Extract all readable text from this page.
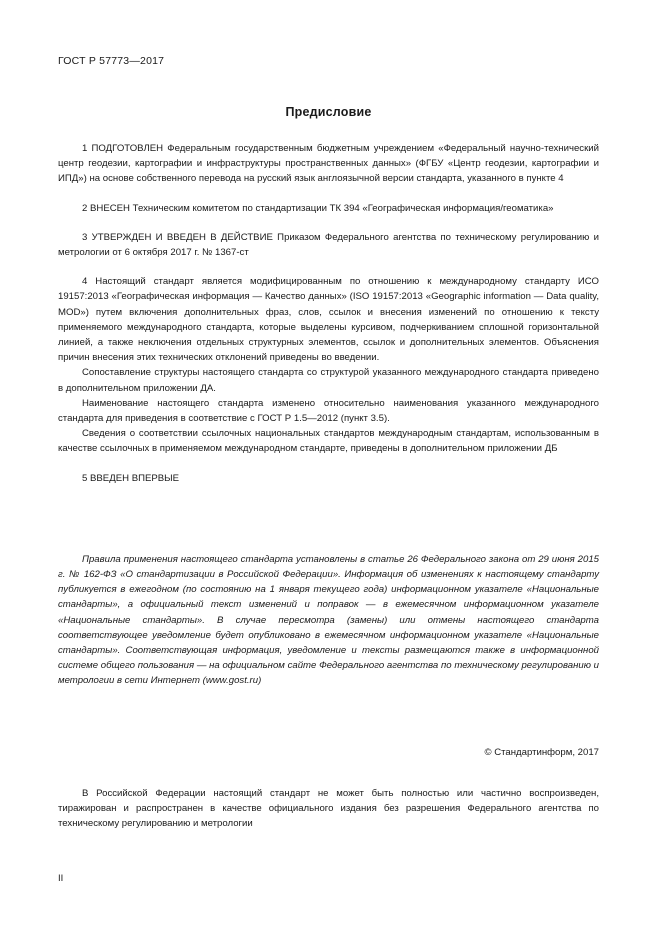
ГОСТ Р 57773—2017
Предисловие

1 ПОДГОТОВЛЕН Федеральным государственным бюджетным учреждением «Федеральный научно-технический центр геодезии, картографии и инфраструктуры пространственных данных» (ФГБУ «Центр геодезии, картографии и ИПД») на основе собственного перевода на русский язык англоязычной версии стандарта, указанного в пункте 4

2 ВНЕСЕН Техническим комитетом по стандартизации ТК 394 «Географическая информация/геоматика»

3 УТВЕРЖДЕН И ВВЕДЕН В ДЕЙСТВИЕ Приказом Федерального агентства по техническому регулированию и метрологии от 6 октября 2017 г. № 1367-ст

4 Настоящий стандарт является модифицированным по отношению к международному стандарту ИСО 19157:2013 «Географическая информация — Качество данных» (ISO 19157:2013 «Geographic information — Data quality, MOD») путем включения дополнительных фраз, слов, ссылок и внесения изменений по отношению к тексту применяемого международного стандарта, которые выделены курсивом, подчеркиванием сплошной горизонтальной линией, а также неключения отдельных структурных элементов, ссылок и дополнительных элементов. Объяснения причин внесения этих технических отклонений приведены во введении.

Сопоставление структуры настоящего стандарта со структурой указанного международного стандарта приведено в дополнительном приложении ДА.

Наименование настоящего стандарта изменено относительно наименования указанного международного стандарта для приведения в соответствие с ГОСТ Р 1.5—2012 (пункт 3.5).

Сведения о соответствии ссылочных национальных стандартов международным стандартам, использованным в качестве ссылочных в применяемом международном стандарте, приведены в дополнительном приложении ДБ

5 ВВЕДЕН ВПЕРВЫЕ

Правила применения настоящего стандарта установлены в статье 26 Федерального закона от 29 июня 2015 г. № 162-ФЗ «О стандартизации в Российской Федерации». Информация об изменениях к настоящему стандарту публикуется в ежегодном (по состоянию на 1 января текущего года) информационном указателе «Национальные стандарты», а официальный текст изменений и поправок — в ежемесячном информационном указателе «Национальные стандарты». В случае пересмотра (замены) или отмены настоящего стандарта соответствующее уведомление будет опубликовано в ежемесячном информационном указателе «Национальные стандарты». Соответствующая информация, уведомление и тексты размещаются также в информационной системе общего пользования — на официальном сайте Федерального агентства по техническому регулированию и метрологии в сети Интернет (www.gost.ru)

© Стандартинформ, 2017

В Российской Федерации настоящий стандарт не может быть полностью или частично воспроизведен, тиражирован и распространен в качестве официального издания без разрешения Федерального агентства по техническому регулированию и метрологии

II
